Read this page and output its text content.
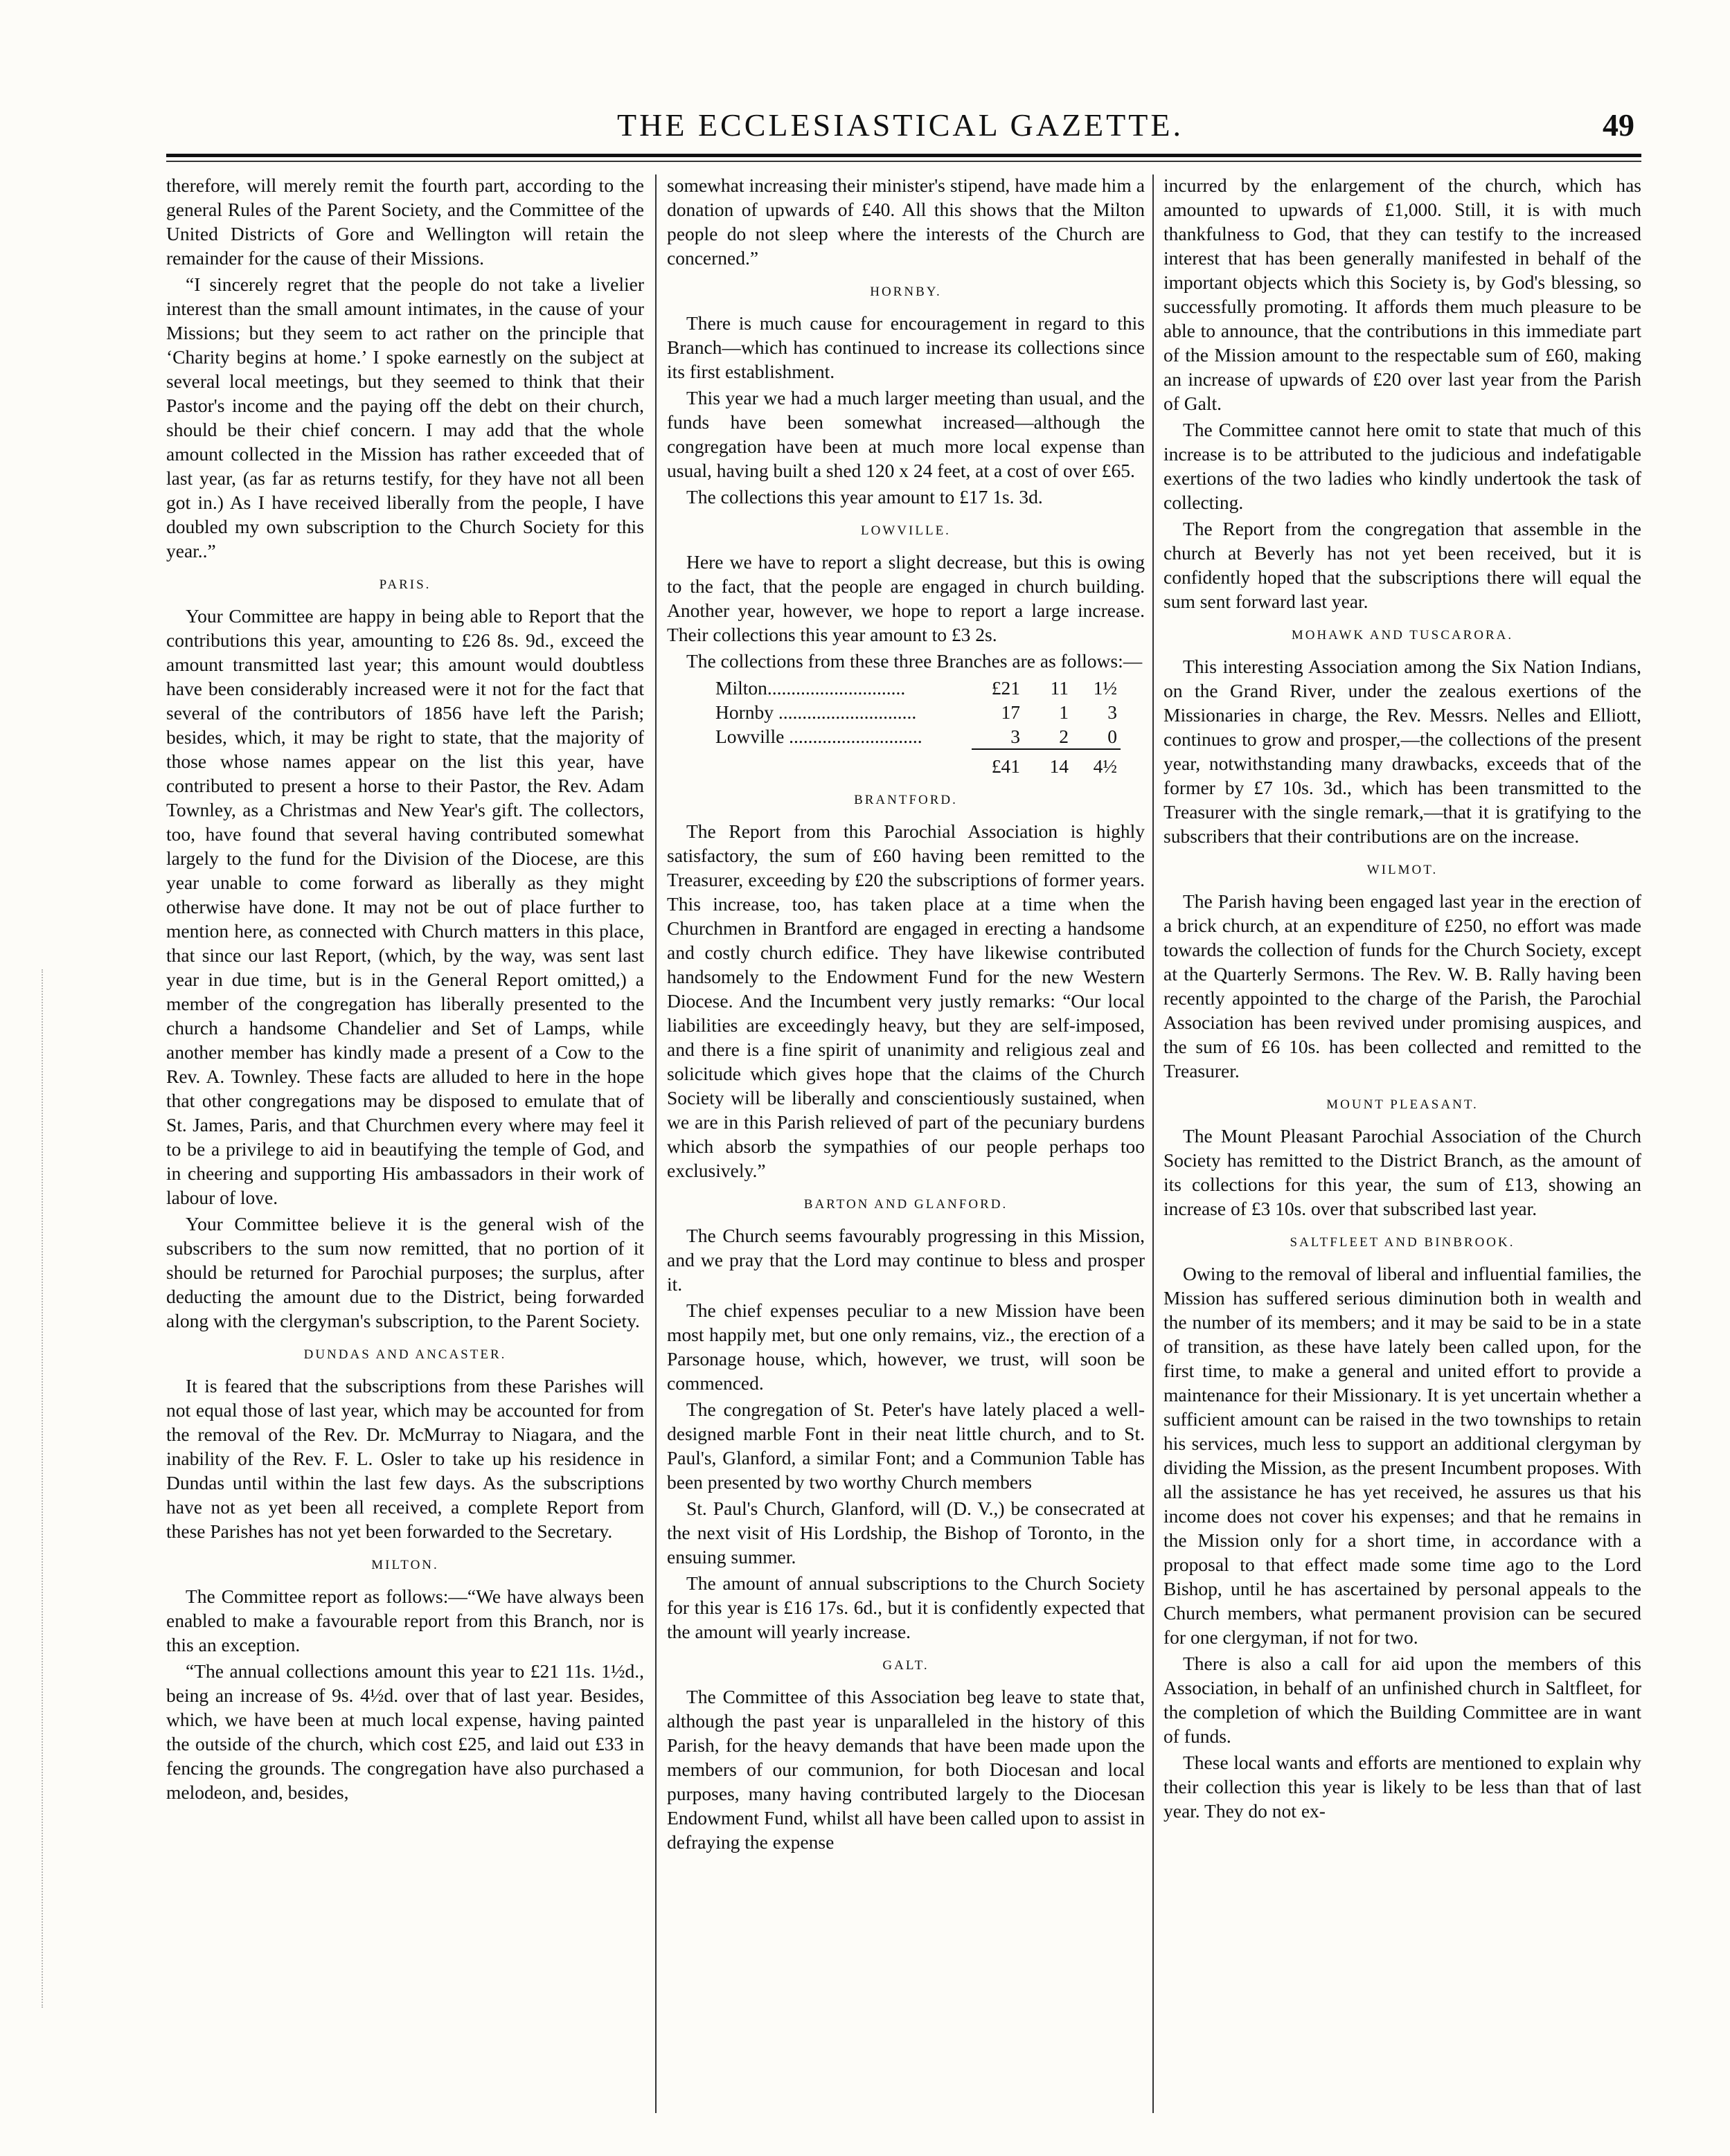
THE ECCLESIASTICAL GAZETTE.	49

therefore, will merely remit the fourth part, according to the general Rules of the Parent Society, and the Committee of the United Districts of Gore and Wellington will retain the remainder for the cause of their Missions.

“I sincerely regret that the people do not take a livelier interest than the small amount intimates, in the cause of your Missions; but they seem to act rather on the principle that ‘Charity begins at home.’ I spoke earnestly on the subject at several local meetings, but they seemed to think that their Pastor's income and the paying off the debt on their church, should be their chief concern. I may add that the whole amount collected in the Mission has rather exceeded that of last year, (as far as returns testify, for they have not all been got in.) As I have received liberally from the people, I have doubled my own subscription to the Church Society for this year..”

PARIS.

Your Committee are happy in being able to Report that the contributions this year, amounting to £26 8s. 9d., exceed the amount transmitted last year; this amount would doubtless have been considerably increased were it not for the fact that several of the contributors of 1856 have left the Parish; besides, which, it may be right to state, that the majority of those whose names appear on the list this year, have contributed to present a horse to their Pastor, the Rev. Adam Townley, as a Christmas and New Year's gift. The collectors, too, have found that several having contributed somewhat largely to the fund for the Division of the Diocese, are this year unable to come forward as liberally as they might otherwise have done. It may not be out of place further to mention here, as connected with Church matters in this place, that since our last Report, (which, by the way, was sent last year in due time, but is in the General Report omitted,) a member of the congregation has liberally presented to the church a handsome Chandelier and Set of Lamps, while another member has kindly made a present of a Cow to the Rev. A. Townley. These facts are alluded to here in the hope that other congregations may be disposed to emulate that of St. James, Paris, and that Churchmen every where may feel it to be a privilege to aid in beautifying the temple of God, and in cheering and supporting His ambassadors in their work of labour of love.

Your Committee believe it is the general wish of the subscribers to the sum now remitted, that no portion of it should be returned for Parochial purposes; the surplus, after deducting the amount due to the District, being forwarded along with the clergyman's subscription, to the Parent Society.

DUNDAS AND ANCASTER.

It is feared that the subscriptions from these Parishes will not equal those of last year, which may be accounted for from the removal of the Rev. Dr. McMurray to Niagara, and the inability of the Rev. F. L. Osler to take up his residence in Dundas until within the last few days. As the subscriptions have not as yet been all received, a complete Report from these Parishes has not yet been forwarded to the Secretary.

MILTON.

The Committee report as follows:—“We have always been enabled to make a favourable report from this Branch, nor is this an exception.

“The annual collections amount this year to £21 11s. 1½d., being an increase of 9s. 4½d. over that of last year. Besides, which, we have been at much local expense, having painted the outside of the church, which cost £25, and laid out £33 in fencing the grounds. The congregation have also purchased a melodeon, and, besides,

somewhat increasing their minister's stipend, have made him a donation of upwards of £40. All this shows that the Milton people do not sleep where the interests of the Church are concerned.”

HORNBY.

There is much cause for encouragement in regard to this Branch—which has continued to increase its collections since its first establishment.

This year we had a much larger meeting than usual, and the funds have been somewhat increased—although the congregation have been at much more local expense than usual, having built a shed 120 x 24 feet, at a cost of over £65.

The collections this year amount to £17 1s. 3d.

LOWVILLE.

Here we have to report a slight decrease, but this is owing to the fact, that the people are engaged in church building. Another year, however, we hope to report a large increase. Their collections this year amount to £3 2s.

The collections from these three Branches are as follows:—

Milton.............................	£21	11	1½
Hornby .............................	17	1	3
Lowville ............................	3	2	0
£41	14	4½
BRANTFORD.

The Report from this Parochial Association is highly satisfactory, the sum of £60 having been remitted to the Treasurer, exceeding by £20 the subscriptions of former years. This increase, too, has taken place at a time when the Churchmen in Brantford are engaged in erecting a handsome and costly church edifice. They have likewise contributed handsomely to the Endowment Fund for the new Western Diocese. And the Incumbent very justly remarks: “Our local liabilities are exceedingly heavy, but they are self-imposed, and there is a fine spirit of unanimity and religious zeal and solicitude which gives hope that the claims of the Church Society will be liberally and conscientiously sustained, when we are in this Parish relieved of part of the pecuniary burdens which absorb the sympathies of our people perhaps too exclusively.”

BARTON AND GLANFORD.

The Church seems favourably progressing in this Mission, and we pray that the Lord may continue to bless and prosper it.

The chief expenses peculiar to a new Mission have been most happily met, but one only remains, viz., the erection of a Parsonage house, which, however, we trust, will soon be commenced.

The congregation of St. Peter's have lately placed a well-designed marble Font in their neat little church, and to St. Paul's, Glanford, a similar Font; and a Communion Table has been presented by two worthy Church members

St. Paul's Church, Glanford, will (D. V.,) be consecrated at the next visit of His Lordship, the Bishop of Toronto, in the ensuing summer.

The amount of annual subscriptions to the Church Society for this year is £16 17s. 6d., but it is confidently expected that the amount will yearly increase.

GALT.

The Committee of this Association beg leave to state that, although the past year is unparalleled in the history of this Parish, for the heavy demands that have been made upon the members of our communion, for both Diocesan and local purposes, many having contributed largely to the Diocesan Endowment Fund, whilst all have been called upon to assist in defraying the expense

incurred by the enlargement of the church, which has amounted to upwards of £1,000. Still, it is with much thankfulness to God, that they can testify to the increased interest that has been generally manifested in behalf of the important objects which this Society is, by God's blessing, so successfully promoting. It affords them much pleasure to be able to announce, that the contributions in this immediate part of the Mission amount to the respectable sum of £60, making an increase of upwards of £20 over last year from the Parish of Galt.

The Committee cannot here omit to state that much of this increase is to be attributed to the judicious and indefatigable exertions of the two ladies who kindly undertook the task of collecting.

The Report from the congregation that assemble in the church at Beverly has not yet been received, but it is confidently hoped that the subscriptions there will equal the sum sent forward last year.

MOHAWK AND TUSCARORA.

This interesting Association among the Six Nation Indians, on the Grand River, under the zealous exertions of the Missionaries in charge, the Rev. Messrs. Nelles and Elliott, continues to grow and prosper,—the collections of the present year, notwithstanding many drawbacks, exceeds that of the former by £7 10s. 3d., which has been transmitted to the Treasurer with the single remark,—that it is gratifying to the subscribers that their contributions are on the increase.

WILMOT.

The Parish having been engaged last year in the erection of a brick church, at an expenditure of £250, no effort was made towards the collection of funds for the Church Society, except at the Quarterly Sermons. The Rev. W. B. Rally having been recently appointed to the charge of the Parish, the Parochial Association has been revived under promising auspices, and the sum of £6 10s. has been collected and remitted to the Treasurer.

MOUNT PLEASANT.

The Mount Pleasant Parochial Association of the Church Society has remitted to the District Branch, as the amount of its collections for this year, the sum of £13, showing an increase of £3 10s. over that subscribed last year.

SALTFLEET AND BINBROOK.

Owing to the removal of liberal and influential families, the Mission has suffered serious diminution both in wealth and the number of its members; and it may be said to be in a state of transition, as these have lately been called upon, for the first time, to make a general and united effort to provide a maintenance for their Missionary. It is yet uncertain whether a sufficient amount can be raised in the two townships to retain his services, much less to support an additional clergyman by dividing the Mission, as the present Incumbent proposes. With all the assistance he has yet received, he assures us that his income does not cover his expenses; and that he remains in the Mission only for a short time, in accordance with a proposal to that effect made some time ago to the Lord Bishop, until he has ascertained by personal appeals to the Church members, what permanent provision can be secured for one clergyman, if not for two.

There is also a call for aid upon the members of this Association, in behalf of an unfinished church in Saltfleet, for the completion of which the Building Committee are in want of funds.

These local wants and efforts are mentioned to explain why their collection this year is likely to be less than that of last year. They do not ex-
